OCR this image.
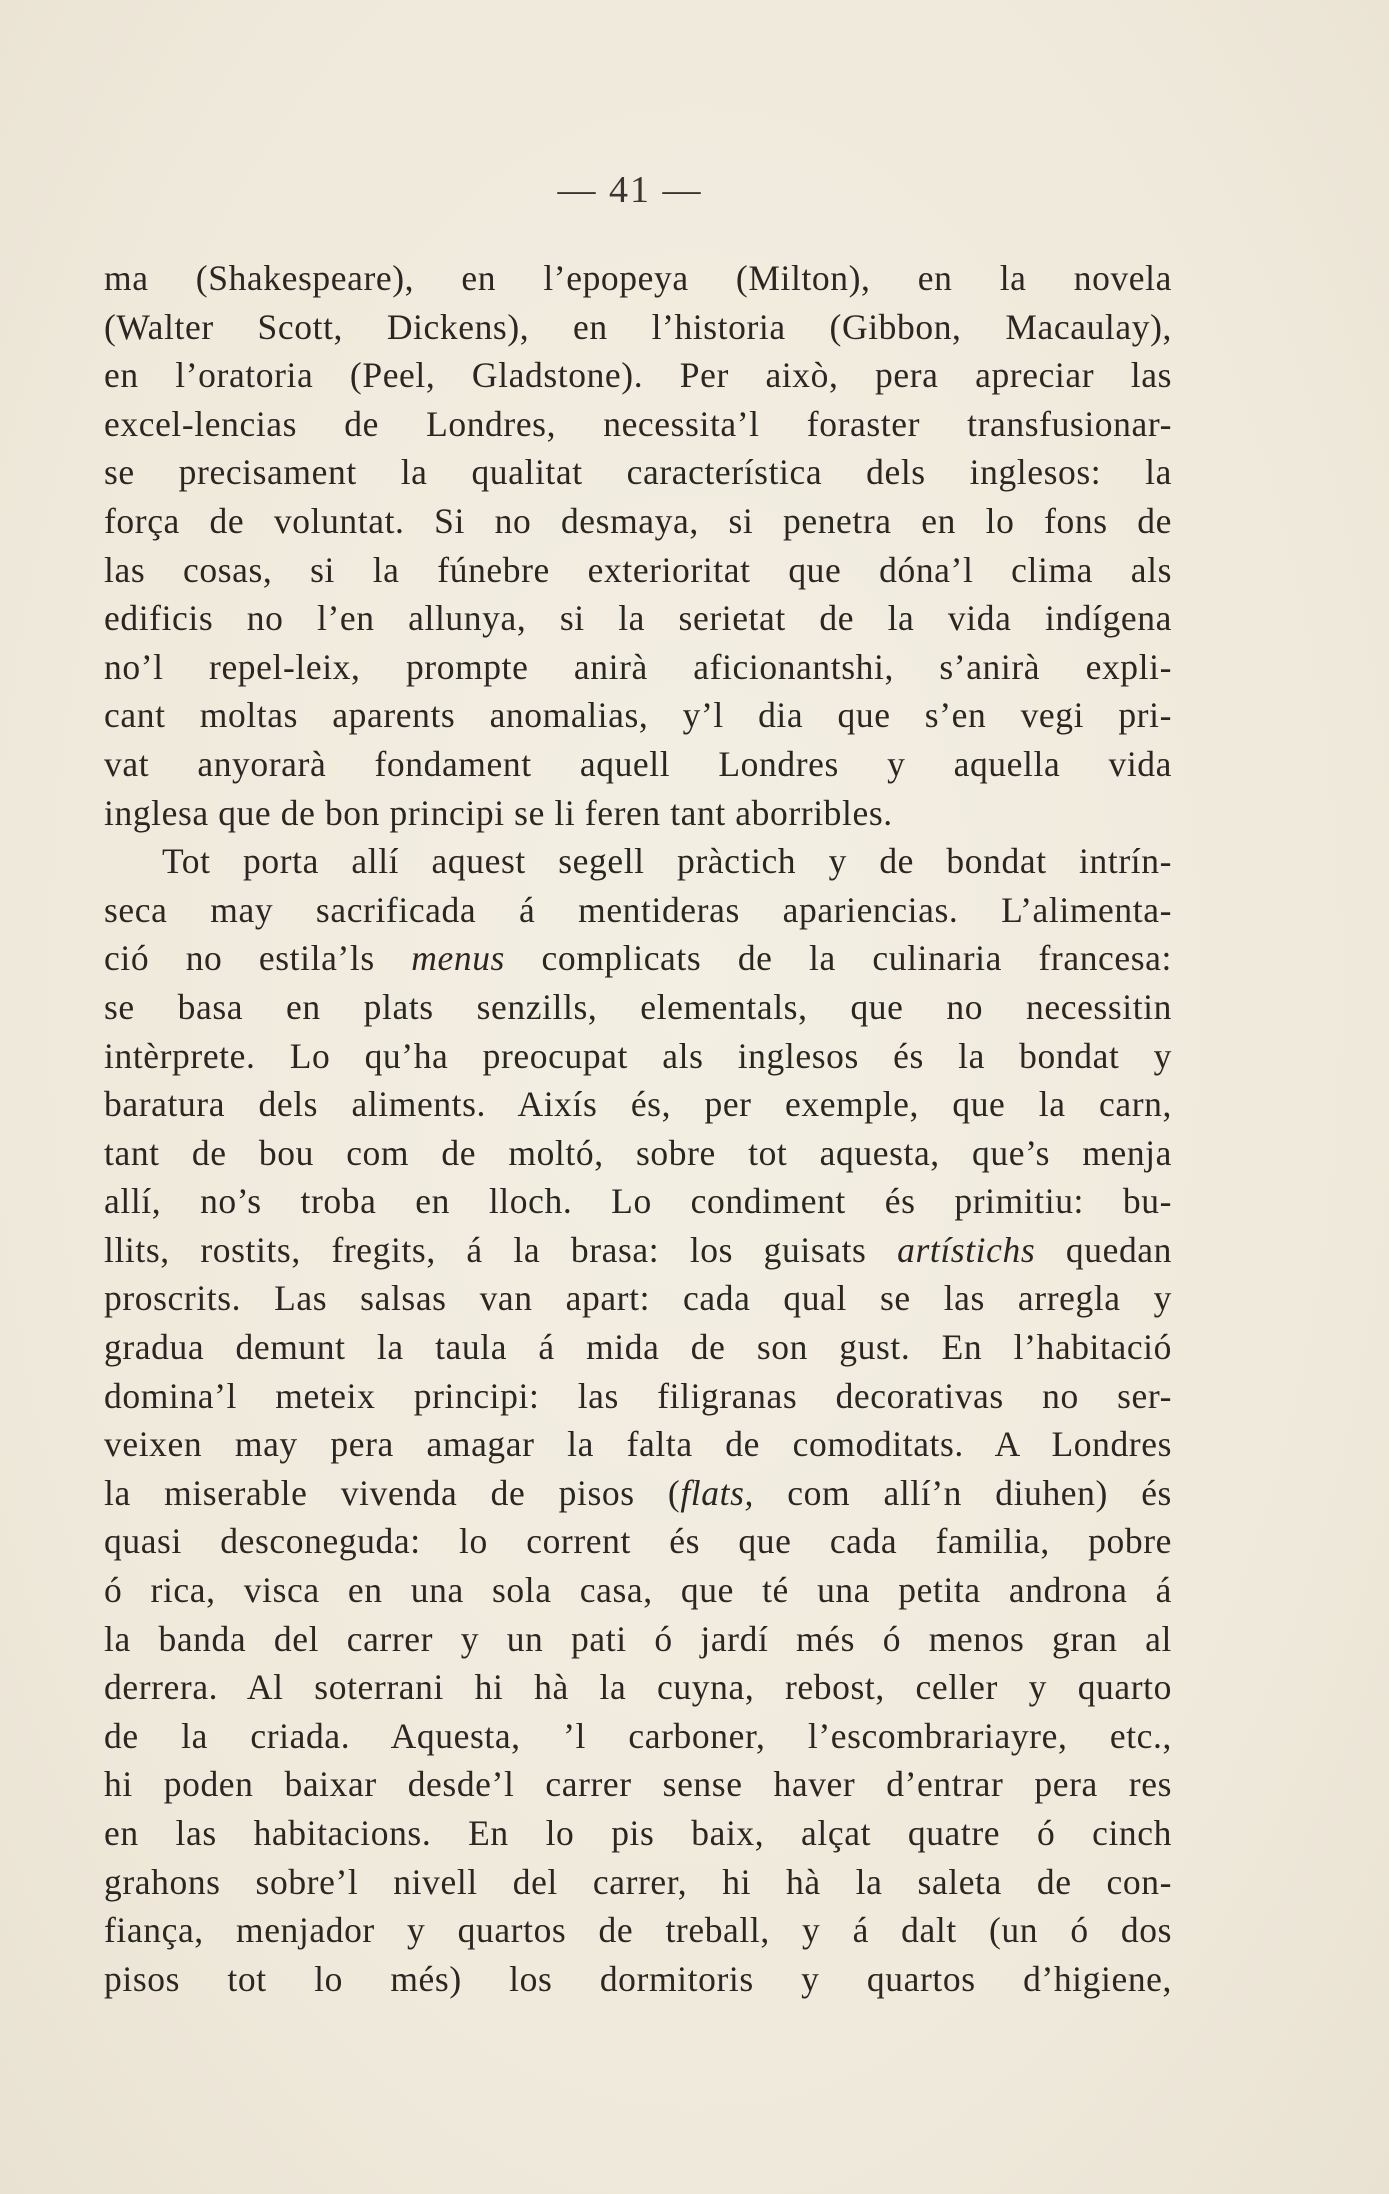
— 41 —
ma (Shakespeare), en l’epopeya (Milton), en la novela
(Walter Scott, Dickens), en l’historia (Gibbon, Macaulay),
en l’oratoria (Peel, Gladstone). Per això, pera apreciar las
excel-lencias de Londres, necessita’l foraster transfusionar-
se precisament la qualitat característica dels inglesos: la
força de voluntat. Si no desmaya, si penetra en lo fons de
las cosas, si la fúnebre exterioritat que dóna’l clima als
edificis no l’en allunya, si la serietat de la vida indígena
no’l repel-leix, prompte anirà aficionantshi, s’anirà expli-
cant moltas aparents anomalias, y’l dia que s’en vegi pri-
vat anyorarà fondament aquell Londres y aquella vida
inglesa que de bon principi se li feren tant aborribles.
Tot porta allí aquest segell pràctich y de bondat intrín-
seca may sacrificada á mentideras apariencias. L’alimenta-
ció no estila’ls menus complicats de la culinaria francesa:
se basa en plats senzills, elementals, que no necessitin
intèrprete. Lo qu’ha preocupat als inglesos és la bondat y
baratura dels aliments. Aixís és, per exemple, que la carn,
tant de bou com de moltó, sobre tot aquesta, que’s menja
allí, no’s troba en lloch. Lo condiment és primitiu: bu-
llits, rostits, fregits, á la brasa: los guisats artístichs quedan
proscrits. Las salsas van apart: cada qual se las arregla y
gradua demunt la taula á mida de son gust. En l’habitació
domina’l meteix principi: las filigranas decorativas no ser-
veixen may pera amagar la falta de comoditats. A Londres
la miserable vivenda de pisos (flats, com allí’n diuhen) és
quasi desconeguda: lo corrent és que cada familia, pobre
ó rica, visca en una sola casa, que té una petita androna á
la banda del carrer y un pati ó jardí més ó menos gran al
derrera. Al soterrani hi hà la cuyna, rebost, celler y quarto
de la criada. Aquesta, ’l carboner, l’escombrariayre, etc.,
hi poden baixar desde’l carrer sense haver d’entrar pera res
en las habitacions. En lo pis baix, alçat quatre ó cinch
grahons sobre’l nivell del carrer, hi hà la saleta de con-
fiança, menjador y quartos de treball, y á dalt (un ó dos
pisos tot lo més) los dormitoris y quartos d’higiene,
